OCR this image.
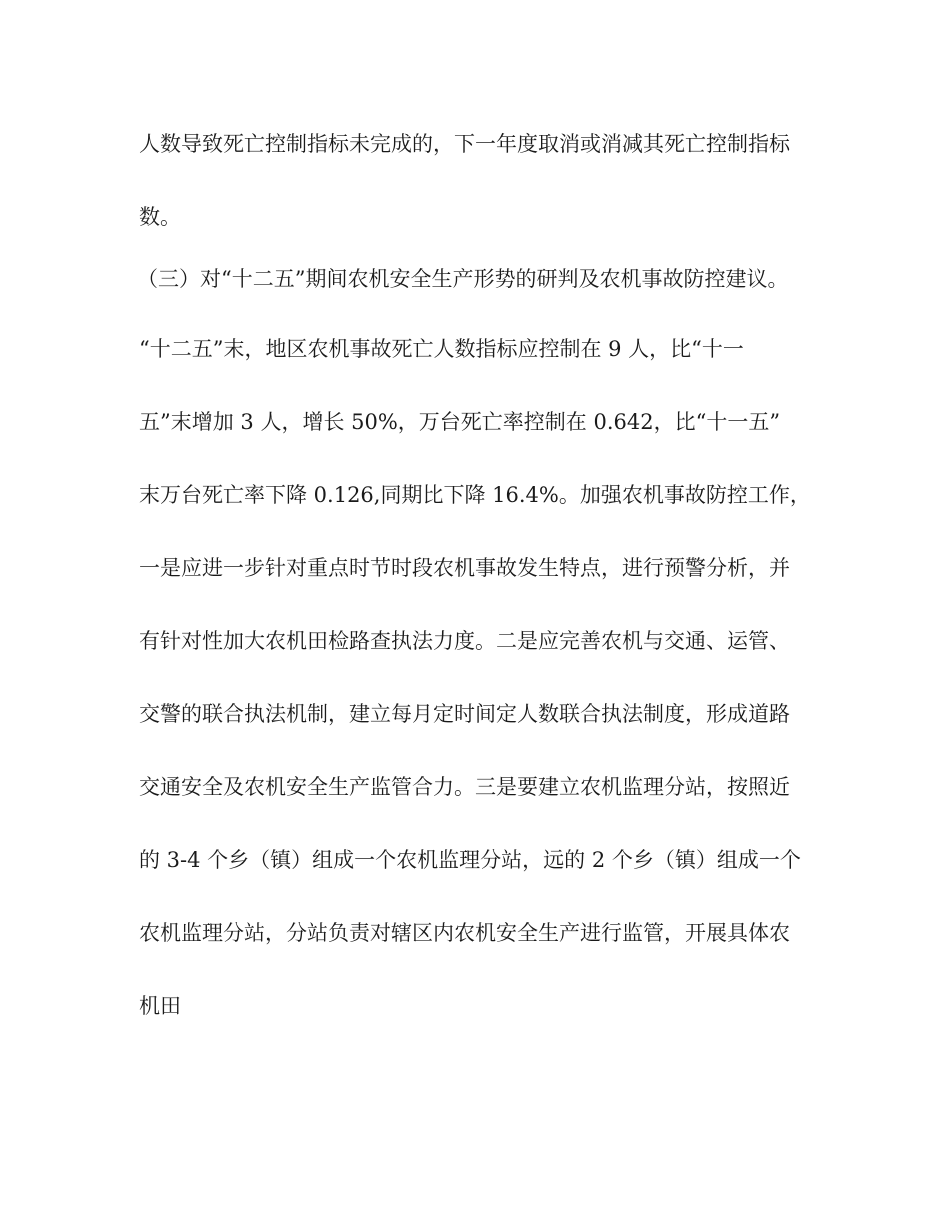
人数导致死亡控制指标未完成的，下一年度取消或消减其死亡控制指标
数。
（三）对“十二五”期间农机安全生产形势的研判及农机事故防控建议。
“十二五”末，地区农机事故死亡人数指标应控制在 9 人，比“十一
五”末增加 3 人，增长 50%，万台死亡率控制在 0.642，比“十一五”
末万台死亡率下降 0.126,同期比下降 16.4%。加强农机事故防控工作，
一是应进一步针对重点时节时段农机事故发生特点，进行预警分析，并
有针对性加大农机田检路查执法力度。二是应完善农机与交通、运管、
交警的联合执法机制，建立每月定时间定人数联合执法制度，形成道路
交通安全及农机安全生产监管合力。三是要建立农机监理分站，按照近
的 3-4 个乡（镇）组成一个农机监理分站，远的 2 个乡（镇）组成一个
农机监理分站，分站负责对辖区内农机安全生产进行监管，开展具体农
机田
